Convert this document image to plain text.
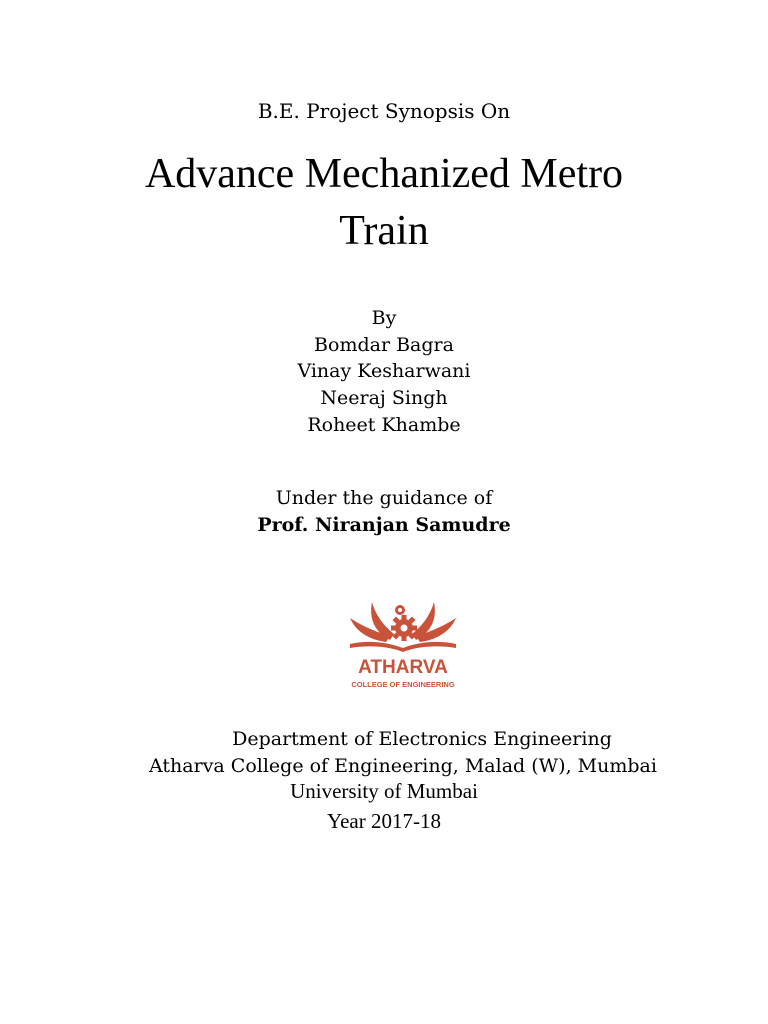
B.E. Project Synopsis On
Advance Mechanized Metro
Train
By
Bomdar Bagra
Vinay Kesharwani
Neeraj Singh
Roheet Khambe
Under the guidance of
Prof. Niranjan Samudre
ATHARVA
COLLEGE OF ENGINEERING
Department of Electronics Engineering
Atharva College of Engineering, Malad (W), Mumbai
University of Mumbai
Year 2017-18
